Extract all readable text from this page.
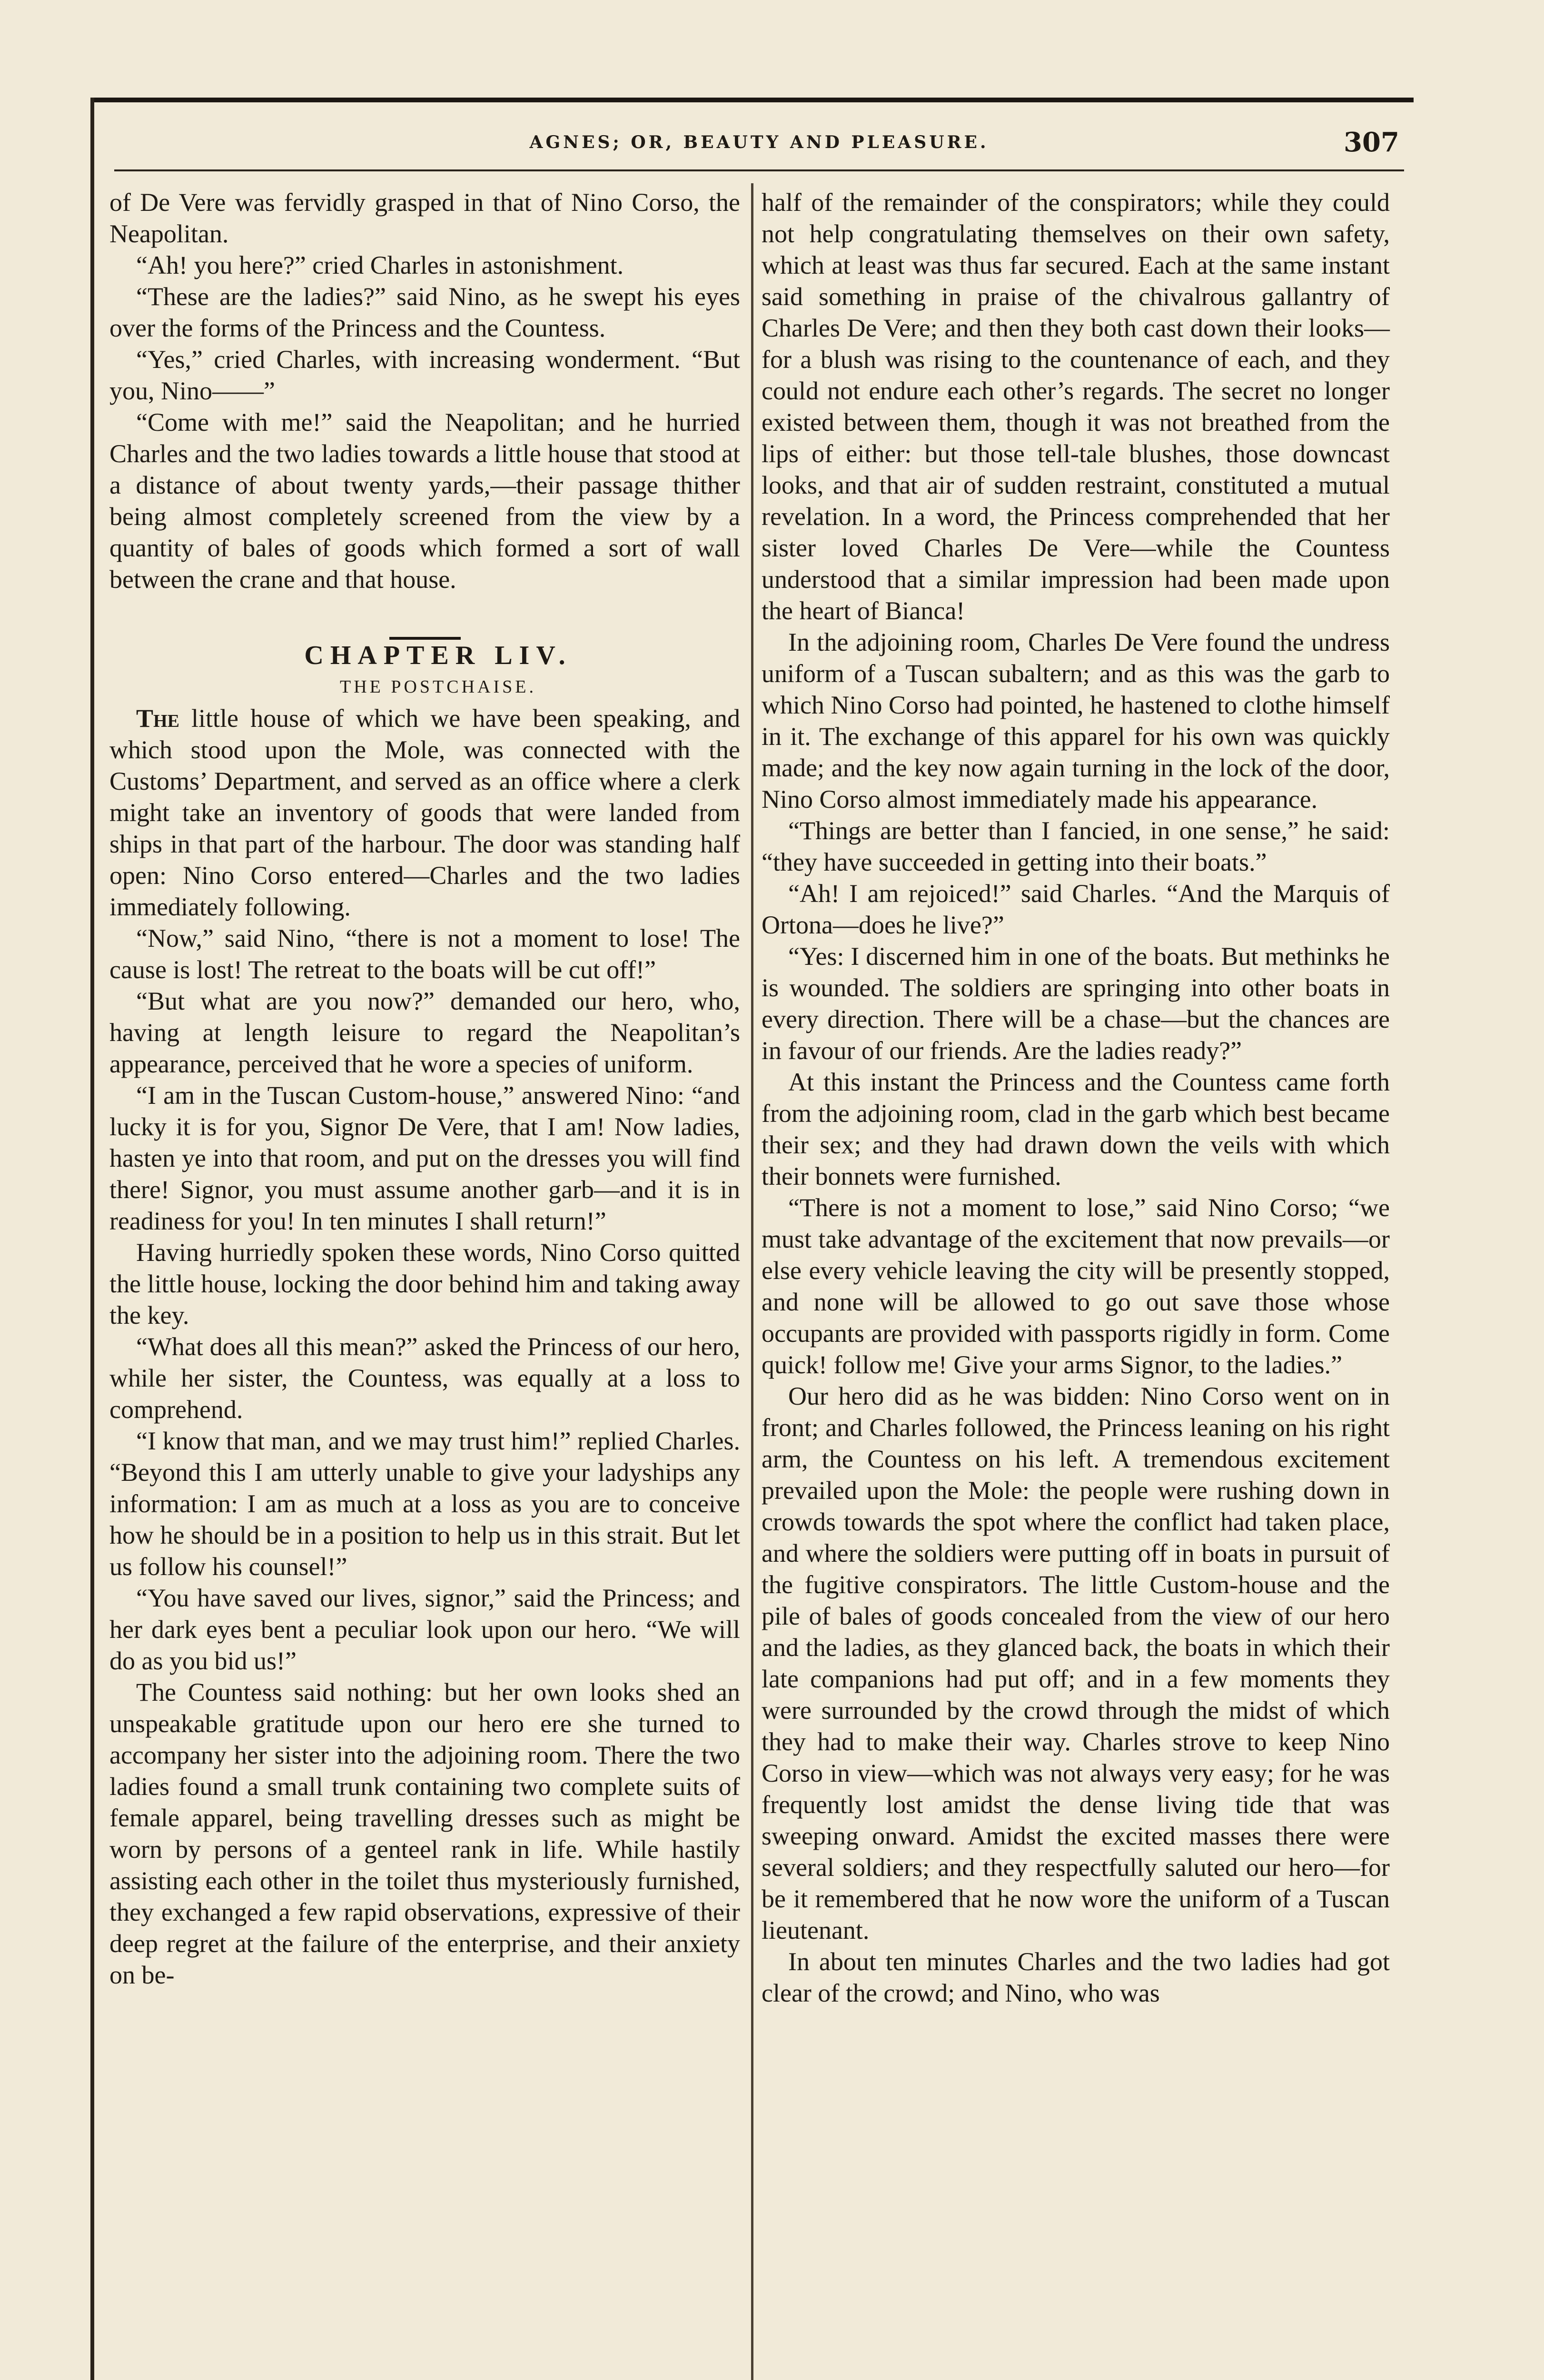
AGNES; OR, BEAUTY AND PLEASURE.	307

of De Vere was fervidly grasped in that of Nino Corso, the Neapolitan.

“Ah! you here?” cried Charles in astonishment.

“These are the ladies?” said Nino, as he swept his eyes over the forms of the Princess and the Countess.

“Yes,” cried Charles, with increasing wonderment. “But you, Nino——”

“Come with me!” said the Neapolitan; and he hurried Charles and the two ladies towards a little house that stood at a distance of about twenty yards,—their passage thither being almost completely screened from the view by a quantity of bales of goods which formed a sort of wall between the crane and that house.

CHAPTER LIV.

THE POSTCHAISE.

The little house of which we have been speaking, and which stood upon the Mole, was connected with the Customs’ Department, and served as an office where a clerk might take an inventory of goods that were landed from ships in that part of the harbour. The door was standing half open: Nino Corso entered—Charles and the two ladies immediately following.

“Now,” said Nino, “there is not a moment to lose! The cause is lost! The retreat to the boats will be cut off!”

“But what are you now?” demanded our hero, who, having at length leisure to regard the Neapolitan’s appearance, perceived that he wore a species of uniform.

“I am in the Tuscan Custom-house,” answered Nino: “and lucky it is for you, Signor De Vere, that I am! Now ladies, hasten ye into that room, and put on the dresses you will find there! Signor, you must assume another garb—and it is in readiness for you! In ten minutes I shall return!”

Having hurriedly spoken these words, Nino Corso quitted the little house, locking the door behind him and taking away the key.

“What does all this mean?” asked the Princess of our hero, while her sister, the Countess, was equally at a loss to comprehend.

“I know that man, and we may trust him!” replied Charles. “Beyond this I am utterly unable to give your ladyships any information: I am as much at a loss as you are to conceive how he should be in a position to help us in this strait. But let us follow his counsel!”

“You have saved our lives, signor,” said the Princess; and her dark eyes bent a peculiar look upon our hero. “We will do as you bid us!”

The Countess said nothing: but her own looks shed an unspeakable gratitude upon our hero ere she turned to accompany her sister into the adjoining room. There the two ladies found a small trunk containing two complete suits of female apparel, being travelling dresses such as might be worn by persons of a genteel rank in life. While hastily assisting each other in the toilet thus mysteriously furnished, they exchanged a few rapid observations, expressive of their deep regret at the failure of the enterprise, and their anxiety on be-

half of the remainder of the conspirators; while they could not help congratulating themselves on their own safety, which at least was thus far secured. Each at the same instant said something in praise of the chivalrous gallantry of Charles De Vere; and then they both cast down their looks—for a blush was rising to the countenance of each, and they could not endure each other’s regards. The secret no longer existed between them, though it was not breathed from the lips of either: but those tell-tale blushes, those downcast looks, and that air of sudden restraint, constituted a mutual revelation. In a word, the Princess comprehended that her sister loved Charles De Vere—while the Countess understood that a similar impression had been made upon the heart of Bianca!

In the adjoining room, Charles De Vere found the undress uniform of a Tuscan subaltern; and as this was the garb to which Nino Corso had pointed, he hastened to clothe himself in it. The exchange of this apparel for his own was quickly made; and the key now again turning in the lock of the door, Nino Corso almost immediately made his appearance.

“Things are better than I fancied, in one sense,” he said: “they have succeeded in getting into their boats.”

“Ah! I am rejoiced!” said Charles. “And the Marquis of Ortona—does he live?”

“Yes: I discerned him in one of the boats. But methinks he is wounded. The soldiers are springing into other boats in every direction. There will be a chase—but the chances are in favour of our friends. Are the ladies ready?”

At this instant the Princess and the Countess came forth from the adjoining room, clad in the garb which best became their sex; and they had drawn down the veils with which their bonnets were furnished.

“There is not a moment to lose,” said Nino Corso; “we must take advantage of the excitement that now prevails—or else every vehicle leaving the city will be presently stopped, and none will be allowed to go out save those whose occupants are provided with passports rigidly in form. Come quick! follow me! Give your arms Signor, to the ladies.”

Our hero did as he was bidden: Nino Corso went on in front; and Charles followed, the Princess leaning on his right arm, the Countess on his left. A tremendous excitement prevailed upon the Mole: the people were rushing down in crowds towards the spot where the conflict had taken place, and where the soldiers were putting off in boats in pursuit of the fugitive conspirators. The little Custom-house and the pile of bales of goods concealed from the view of our hero and the ladies, as they glanced back, the boats in which their late companions had put off; and in a few moments they were surrounded by the crowd through the midst of which they had to make their way. Charles strove to keep Nino Corso in view—which was not always very easy; for he was frequently lost amidst the dense living tide that was sweeping onward. Amidst the excited masses there were several soldiers; and they respectfully saluted our hero—for be it remembered that he now wore the uniform of a Tuscan lieutenant.

In about ten minutes Charles and the two ladies had got clear of the crowd; and Nino, who was
